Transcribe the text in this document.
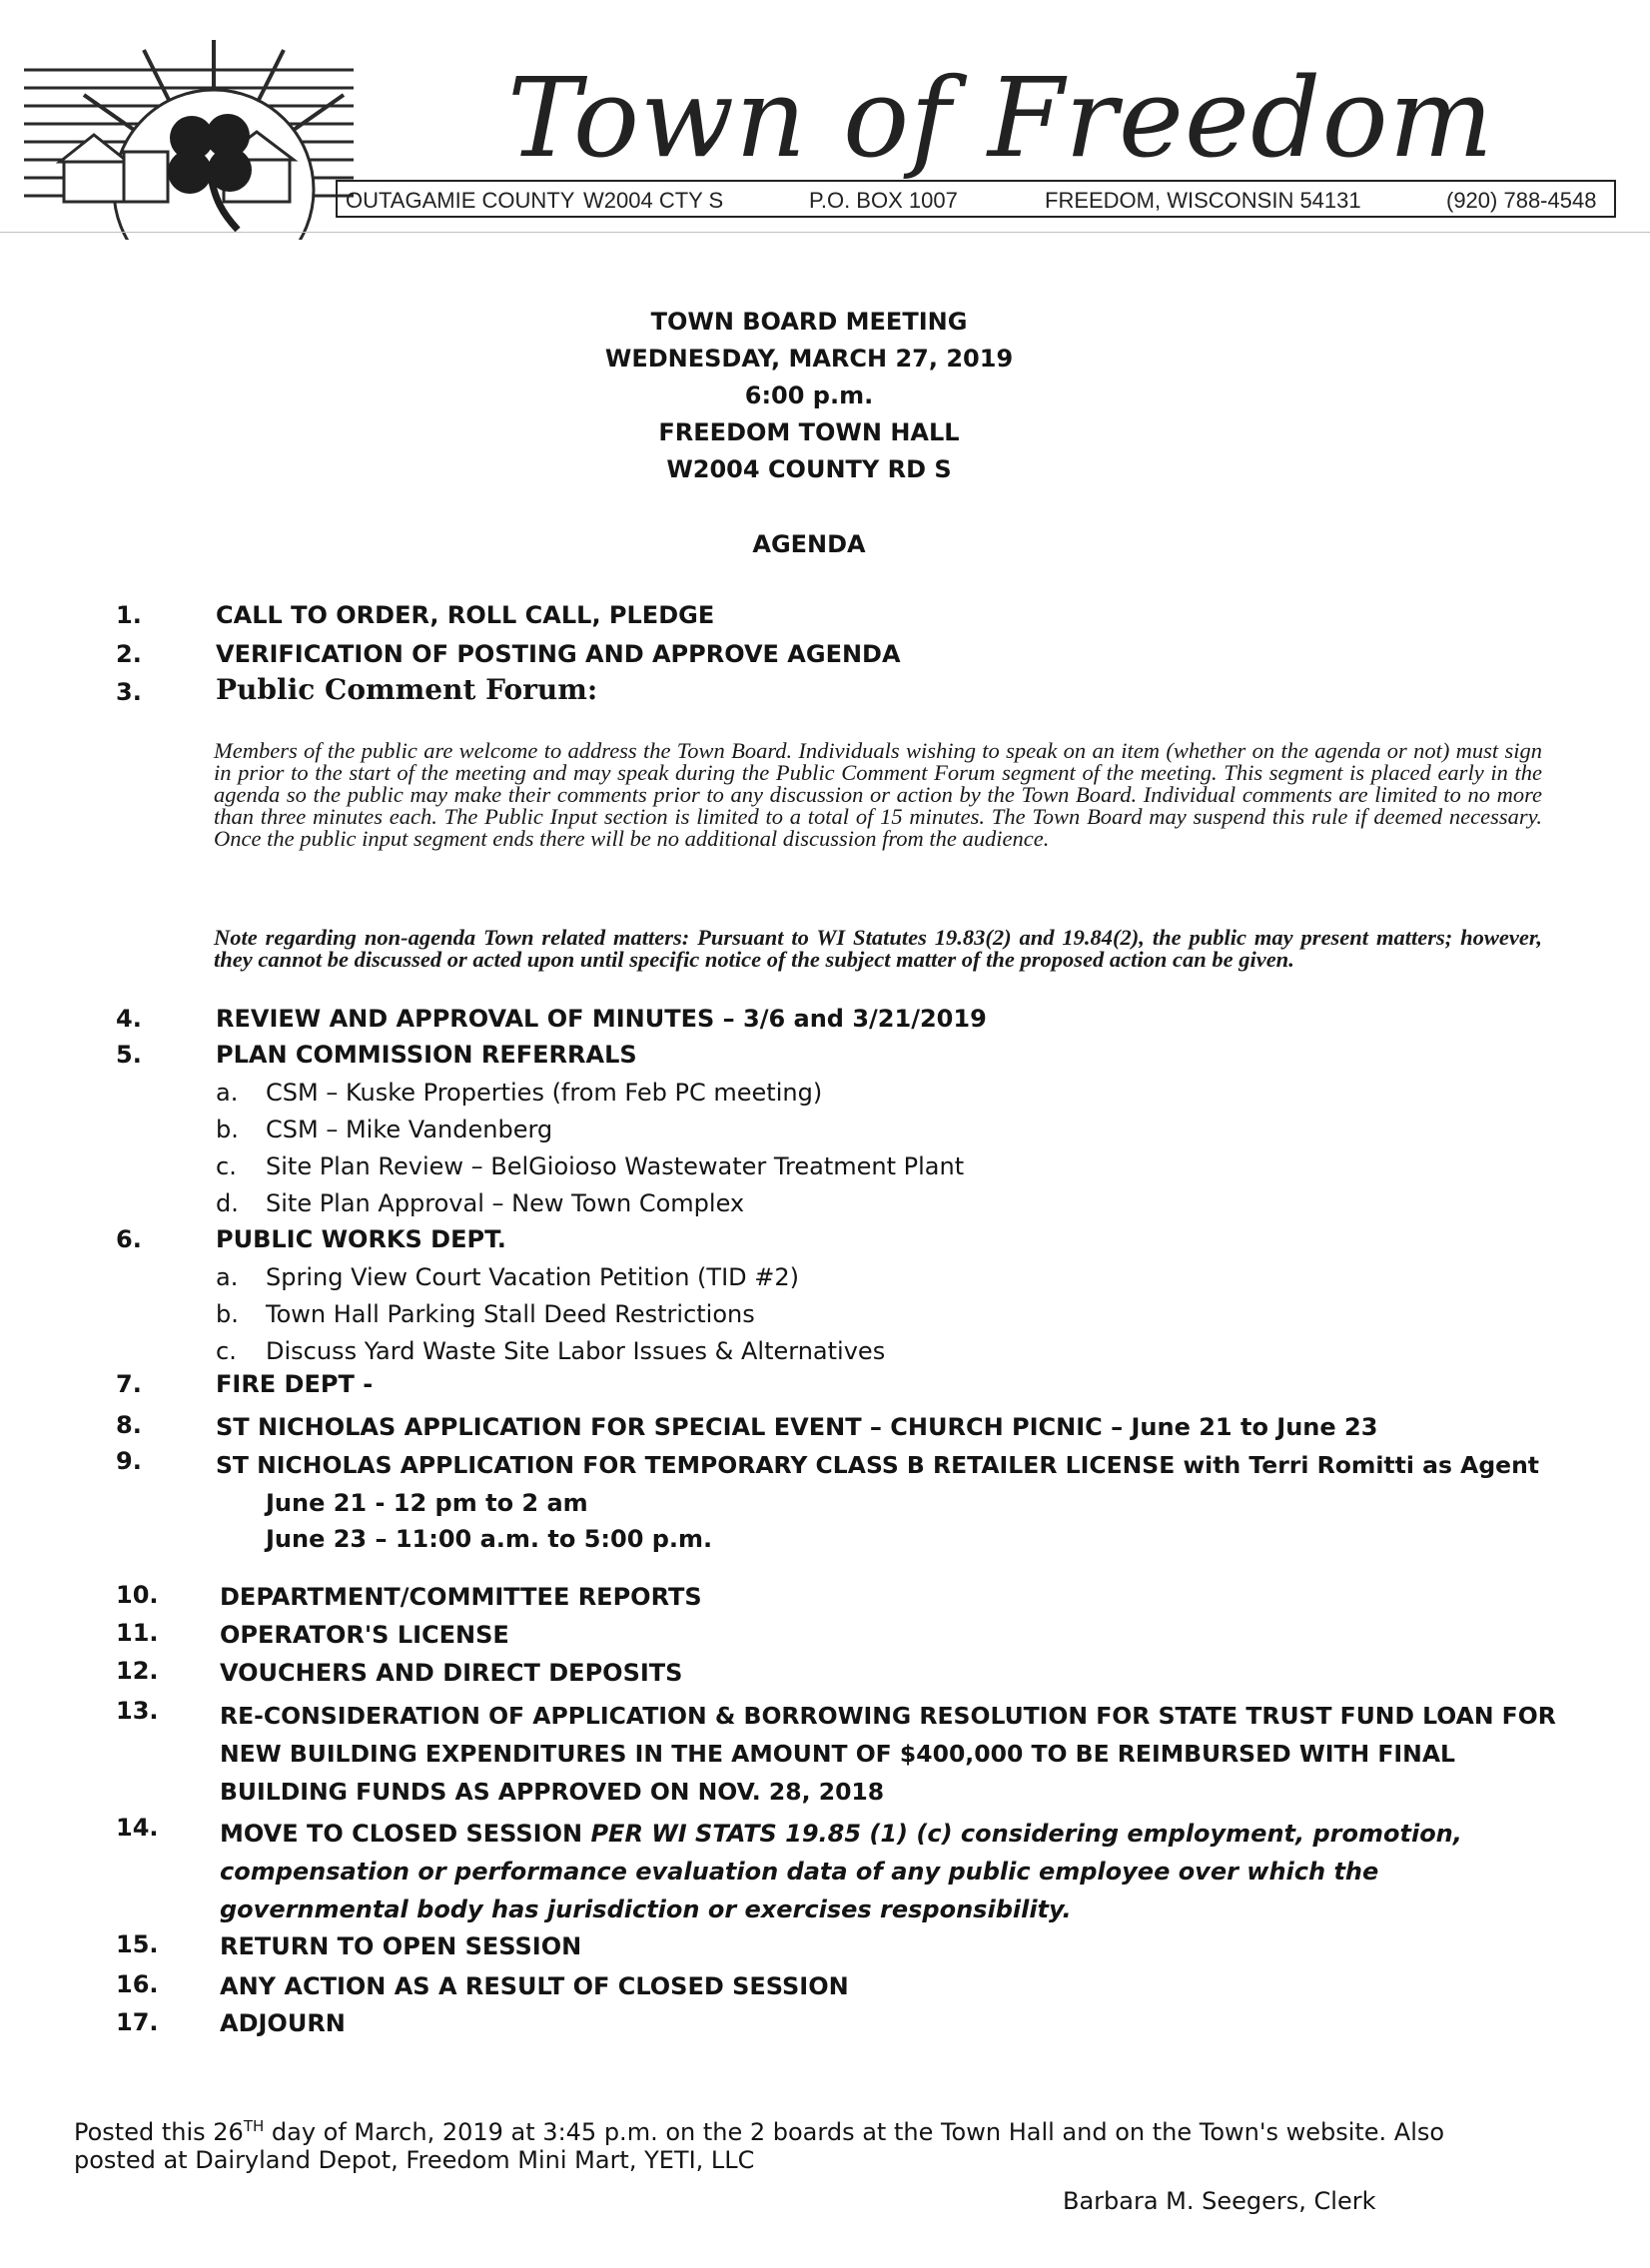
Town of Freedom
OUTAGAMIE COUNTY W2004 CTY S	P.O. BOX 1007	FREEDOM, WISCONSIN 54131	(920) 788-4548
TOWN BOARD MEETING
WEDNESDAY, MARCH 27, 2019
6:00 p.m.
FREEDOM TOWN HALL
W2004 COUNTY RD S
AGENDA
1.	CALL TO ORDER, ROLL CALL, PLEDGE
2.	VERIFICATION OF POSTING AND APPROVE AGENDA
3.	Public Comment Forum:
Members of the public are welcome to address the Town Board. Individuals wishing to speak on an item (whether on the agenda or not) must sign in prior to the start of the meeting and may speak during the Public Comment Forum segment of the meeting. This segment is placed early in the agenda so the public may make their comments prior to any discussion or action by the Town Board. Individual comments are limited to no more than three minutes each. The Public Input section is limited to a total of 15 minutes. The Town Board may suspend this rule if deemed necessary. Once the public input segment ends there will be no additional discussion from the audience.
Note regarding non-agenda Town related matters: Pursuant to WI Statutes 19.83(2) and 19.84(2), the public may present matters; however, they cannot be discussed or acted upon until specific notice of the subject matter of the proposed action can be given.
4.	REVIEW AND APPROVAL OF MINUTES – 3/6 and 3/21/2019
5.	PLAN COMMISSION REFERRALS
a. CSM – Kuske Properties (from Feb PC meeting)
b. CSM – Mike Vandenberg
c. Site Plan Review – BelGioioso Wastewater Treatment Plant
d. Site Plan Approval – New Town Complex
6.	PUBLIC WORKS DEPT.
a. Spring View Court Vacation Petition (TID #2)
b. Town Hall Parking Stall Deed Restrictions
c. Discuss Yard Waste Site Labor Issues & Alternatives
7.	FIRE DEPT -
8.	ST NICHOLAS APPLICATION FOR SPECIAL EVENT – CHURCH PICNIC – June 21 to June 23
9.	ST NICHOLAS APPLICATION FOR TEMPORARY CLASS B RETAILER LICENSE with Terri Romitti as Agent
June 21 - 12 pm to 2 am
June 23 – 11:00 a.m. to 5:00 p.m.
10.	DEPARTMENT/COMMITTEE REPORTS
11.	OPERATOR'S LICENSE
12.	VOUCHERS AND DIRECT DEPOSITS
13.	RE-CONSIDERATION OF APPLICATION & BORROWING RESOLUTION FOR STATE TRUST FUND LOAN FOR NEW BUILDING EXPENDITURES IN THE AMOUNT OF $400,000 TO BE REIMBURSED WITH FINAL BUILDING FUNDS AS APPROVED ON NOV. 28, 2018
14.	MOVE TO CLOSED SESSION PER WI STATS 19.85 (1) (c) considering employment, promotion, compensation or performance evaluation data of any public employee over which the governmental body has jurisdiction or exercises responsibility.
15.	RETURN TO OPEN SESSION
16.	ANY ACTION AS A RESULT OF CLOSED SESSION
17.	ADJOURN
Posted this 26TH day of March, 2019 at 3:45 p.m. on the 2 boards at the Town Hall and on the Town's website. Also
posted at Dairyland Depot, Freedom Mini Mart, YETI, LLC
Barbara M. Seegers, Clerk
